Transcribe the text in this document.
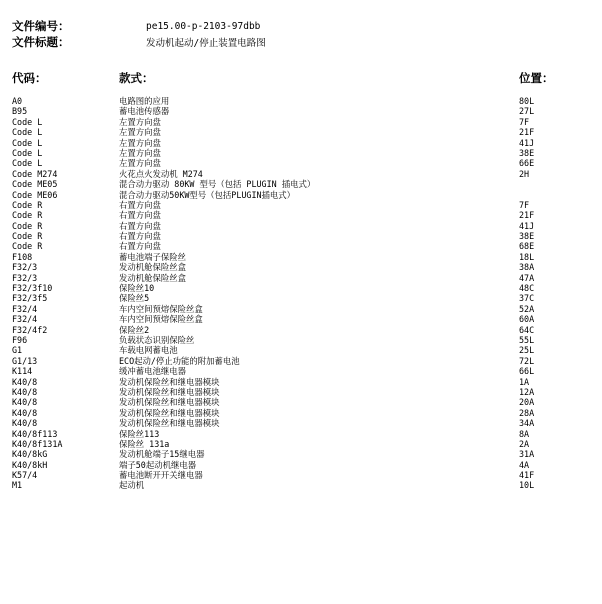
文件编号：	pe15.00-p-2103-97dbb
文件标题：	发动机起动/停止装置电路图
代码：	款式：	位置：
A0	电路图的应用	80L
B95	蓄电池传感器	27L
Code L	左置方向盘	7F
Code L	左置方向盘	21F
Code L	左置方向盘	41J
Code L	左置方向盘	38E
Code L	左置方向盘	66E
Code M274	火花点火发动机 M274	2H
Code ME05	混合动力驱动 80KW 型号（包括 PLUGIN 插电式）
Code ME06	混合动力驱动50KW型号（包括PLUGIN插电式）
Code R	右置方向盘	7F
Code R	右置方向盘	21F
Code R	右置方向盘	41J
Code R	右置方向盘	38E
Code R	右置方向盘	68E
F108	蓄电池端子保险丝	18L
F32/3	发动机舱保险丝盒	38A
F32/3	发动机舱保险丝盒	47A
F32/3f10	保险丝10	48C
F32/3f5	保险丝5	37C
F32/4	车内空间预熔保险丝盒	52A
F32/4	车内空间预熔保险丝盒	60A
F32/4f2	保险丝2	64C
F96	负载状态识别保险丝	55L
G1	车载电网蓄电池	25L
G1/13	ECO起动/停止功能的附加蓄电池	72L
K114	缓冲蓄电池继电器	66L
K40/8	发动机保险丝和继电器模块	1A
K40/8	发动机保险丝和继电器模块	12A
K40/8	发动机保险丝和继电器模块	20A
K40/8	发动机保险丝和继电器模块	28A
K40/8	发动机保险丝和继电器模块	34A
K40/8f113	保险丝113	8A
K40/8f131A	保险丝 131a	2A
K40/8kG	发动机舱端子15继电器	31A
K40/8kH	端子50起动机继电器	4A
K57/4	蓄电池断开开关继电器	41F
M1	起动机	10L
